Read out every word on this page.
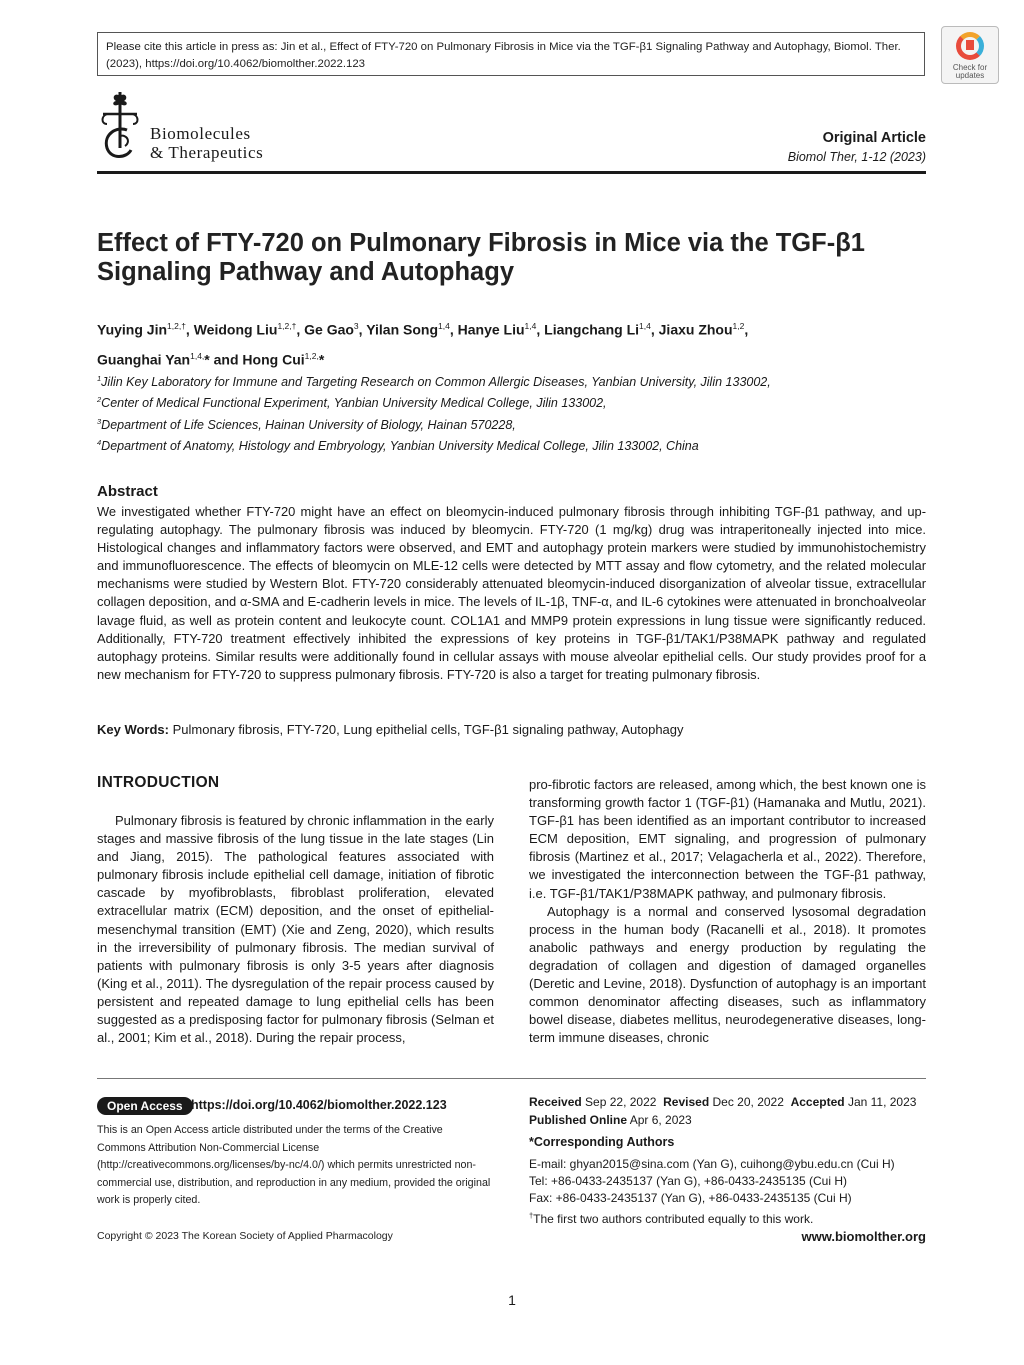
Please cite this article in press as: Jin et al., Effect of FTY-720 on Pulmonary Fibrosis in Mice via the TGF-β1 Signaling Pathway and Autophagy, Biomol. Ther. (2023), https://doi.org/10.4062/biomolther.2022.123	Check for
updates
Biomolecules
& Therapeutics
Original Article
Biomol Ther, 1-12 (2023)
Effect of FTY-720 on Pulmonary Fibrosis in Mice via the TGF-β1
Signaling Pathway and Autophagy
Yuying Jin$^{1,2,\dagger}$, Weidong Liu$^{1,2,\dagger}$, Ge Gao$^3$, Yilan Song$^{1,4}$, Hanye Liu$^{1,4}$, Liangchang Li$^{1,4}$, Jiaxu Zhou$^{1,2}$,
Guanghai Yan$^{1,4,}$* and Hong Cui$^{1,2,}$*
$^1$Jilin Key Laboratory for Immune and Targeting Research on Common Allergic Diseases, Yanbian University, Jilin 133002,
$^2$Center of Medical Functional Experiment, Yanbian University Medical College, Jilin 133002,
$^3$Department of Life Sciences, Hainan University of Biology, Hainan 570228,
$^4$Department of Anatomy, Histology and Embryology, Yanbian University Medical College, Jilin 133002, China
Abstract
We investigated whether FTY-720 might have an effect on bleomycin-induced pulmonary fibrosis through inhibiting TGF-β1 pathway, and up-regulating autophagy. The pulmonary fibrosis was induced by bleomycin. FTY-720 (1 mg/kg) drug was intraperitoneally injected into mice. Histological changes and inflammatory factors were observed, and EMT and autophagy protein markers were studied by immunohistochemistry and immunofluorescence. The effects of bleomycin on MLE-12 cells were detected by MTT assay and flow cytometry, and the related molecular mechanisms were studied by Western Blot. FTY-720 considerably attenuated bleomycin-induced disorganization of alveolar tissue, extracellular collagen deposition, and α-SMA and E-cadherin levels in mice. The levels of IL-1β, TNF-α, and IL-6 cytokines were attenuated in bronchoalveolar lavage fluid, as well as protein content and leukocyte count. COL1A1 and MMP9 protein expressions in lung tissue were significantly reduced. Additionally, FTY-720 treatment effectively inhibited the expressions of key proteins in TGF-β1/TAK1/P38MAPK pathway and regulated autophagy proteins. Similar results were additionally found in cellular assays with mouse alveolar epithelial cells. Our study provides proof for a new mechanism for FTY-720 to suppress pulmonary fibrosis. FTY-720 is also a target for treating pulmonary fibrosis.
Key Words: Pulmonary fibrosis, FTY-720, Lung epithelial cells, TGF-β1 signaling pathway, Autophagy
INTRODUCTION

Pulmonary fibrosis is featured by chronic inflammation in the early stages and massive fibrosis of the lung tissue in the late stages (Lin and Jiang, 2015). The pathological features associated with pulmonary fibrosis include epithelial cell damage, initiation of fibrotic cascade by myofibroblasts, fibroblast proliferation, elevated extracellular matrix (ECM) deposition, and the onset of epithelial-mesenchymal transition (EMT) (Xie and Zeng, 2020), which results in the irreversibility of pulmonary fibrosis. The median survival of patients with pulmonary fibrosis is only 3-5 years after diagnosis (King et al., 2011). The dysregulation of the repair process caused by persistent and repeated damage to lung epithelial cells has been suggested as a predisposing factor for pulmonary fibrosis (Selman et al., 2001; Kim et al., 2018). During the repair process,

pro-fibrotic factors are released, among which, the best known one is transforming growth factor 1 (TGF-β1) (Hamanaka and Mutlu, 2021). TGF-β1 has been identified as an important contributor to increased ECM deposition, EMT signaling, and progression of pulmonary fibrosis (Martinez et al., 2017; Velagacherla et al., 2022). Therefore, we investigated the interconnection between the TGF-β1 pathway, i.e. TGF-β1/TAK1/P38MAPK pathway, and pulmonary fibrosis.

Autophagy is a normal and conserved lysosomal degradation process in the human body (Racanelli et al., 2018). It promotes anabolic pathways and energy production by regulating the degradation of collagen and digestion of damaged organelles (Deretic and Levine, 2018). Dysfunction of autophagy is an important common denominator affecting diseases, such as inflammatory bowel disease, diabetes mellitus, neurodegenerative diseases, long-term immune diseases, chronic

Open Access https://doi.org/10.4062/biomolther.2022.123
This is an Open Access article distributed under the terms of the Creative Commons Attribution Non-Commercial License (http://creativecommons.org/licenses/by-nc/4.0/) which permits unrestricted non-commercial use, distribution, and reproduction in any medium, provided the original work is properly cited.
Received Sep 22, 2022 Revised Dec 20, 2022 Accepted Jan 11, 2023
Published Online Apr 6, 2023
*Corresponding Authors
E-mail: ghyan2015@sina.com (Yan G), cuihong@ybu.edu.cn (Cui H)
Tel: +86-0433-2435137 (Yan G), +86-0433-2435135 (Cui H)
Fax: +86-0433-2435137 (Yan G), +86-0433-2435135 (Cui H)
†The first two authors contributed equally to this work.
Copyright © 2023 The Korean Society of Applied Pharmacology	www.biomolther.org
1
